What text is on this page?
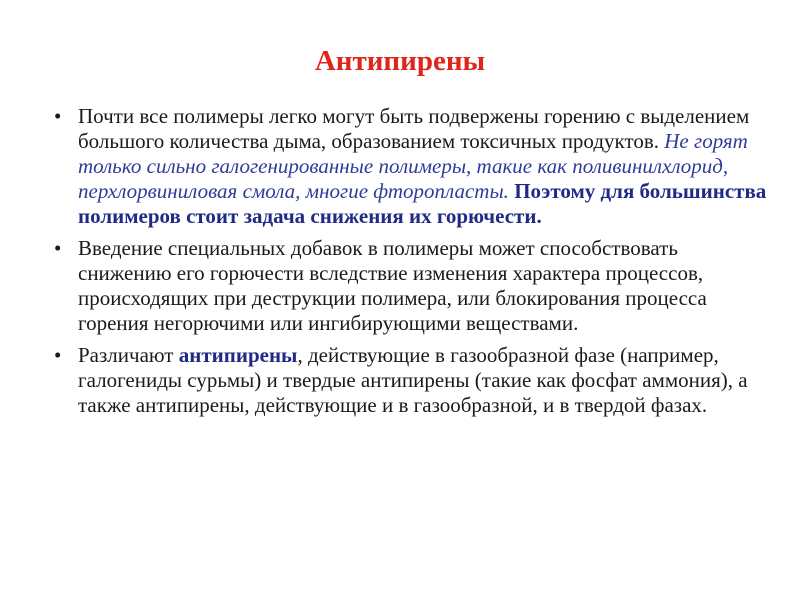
Антипирены
• Почти все полимеры легко могут быть подвержены горению с выделением большого количества дыма, образованием токсичных продуктов. Не горят только сильно галогенированные полимеры, такие как поливинилхлорид, перхлорвиниловая смола, многие фторопласты. Поэтому для большинства полимеров стоит задача снижения их горючести.
• Введение специальных добавок в полимеры может способствовать снижению его горючести вследствие изменения характера процессов, происходящих при деструкции полимера, или блокирования процесса горения негорючими или ингибирующими веществами.
• Различают антипирены, действующие в газообразной фазе (например, галогениды сурьмы) и твердые антипирены (такие как фосфат аммония), а также антипирены, действующие и в газообразной, и в твердой фазах.
